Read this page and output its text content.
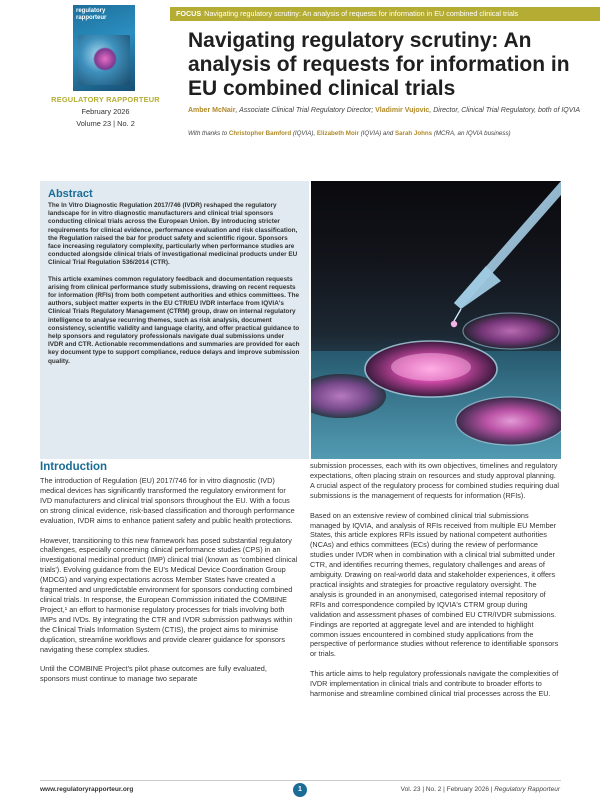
FOCUS Navigating regulatory scrutiny: An analysis of requests for information in EU combined clinical trials
regulatory rapporteur
REGULATORY RAPPORTEUR
February 2026
Volume 23 | No. 2
Navigating regulatory scrutiny: An analysis of requests for information in EU combined clinical trials
Amber McNair, Associate Clinical Trial Regulatory Director; Vladimir Vujovic, Director, Clinical Trial Regulatory, both of IQVIA
With thanks to Christopher Bamford (IQVIA), Elizabeth Moir (IQVIA) and Sarah Johns (MCRA, an IQVIA business)
Abstract

The In Vitro Diagnostic Regulation 2017/746 (IVDR) reshaped the regulatory landscape for in vitro diagnostic manufacturers and clinical trial sponsors conducting clinical trials across the European Union. By introducing stricter requirements for clinical evidence, performance evaluation and risk classification, the Regulation raised the bar for product safety and scientific rigour. Sponsors face increasing regulatory complexity, particularly when performance studies are conducted alongside clinical trials of investigational medicinal products under EU Clinical Trial Regulation 536/2014 (CTR).

This article examines common regulatory feedback and documentation requests arising from clinical performance study submissions, drawing on recent requests for information (RFIs) from both competent authorities and ethics committees. The authors, subject matter experts in the EU CTR/EU IVDR interface from IQVIA's Clinical Trials Regulatory Management (CTRM) group, draw on internal regulatory intelligence to analyse recurring themes, such as risk analysis, document consistency, scientific validity and language clarity, and offer practical guidance to help sponsors and regulatory professionals navigate dual submissions under IVDR and CTR. Actionable recommendations and summaries are provided for each key document type to support compliance, reduce delays and improve submission quality.

Introduction

The introduction of Regulation (EU) 2017/746 for in vitro diagnostic (IVD) medical devices has significantly transformed the regulatory environment for IVD manufacturers and clinical trial sponsors throughout the EU. With a focus on strong clinical evidence, risk-based classification and thorough performance evaluation, IVDR aims to enhance patient safety and public health protections.

However, transitioning to this new framework has posed substantial regulatory challenges, especially concerning clinical performance studies (CPS) in an investigational medicinal product (IMP) clinical trial (known as 'combined clinical trials'). Evolving guidance from the EU's Medical Device Coordination Group (MDCG) and varying expectations across Member States have created a fragmented and unpredictable environment for sponsors conducting combined clinical trials. In response, the European Commission initiated the COMBINE Project,¹ an effort to harmonise regulatory processes for trials involving both IMPs and IVDs. By integrating the CTR and IVDR submission pathways within the Clinical Trials Information System (CTIS), the project aims to minimise duplication, streamline workflows and provide clearer guidance for sponsors navigating these complex studies.

Until the COMBINE Project's pilot phase outcomes are fully evaluated, sponsors must continue to manage two separate

submission processes, each with its own objectives, timelines and regulatory expectations, often placing strain on resources and study approval planning. A crucial aspect of the regulatory process for combined studies requiring dual submissions is the management of requests for information (RFIs).

Based on an extensive review of combined clinical trial submissions managed by IQVIA, and analysis of RFIs received from multiple EU Member States, this article explores RFIs issued by national competent authorities (NCAs) and ethics committees (ECs) during the review of performance studies under IVDR when in combination with a clinical trial submitted under CTR, and identifies recurring themes, regulatory challenges and areas of ambiguity. Drawing on real-world data and stakeholder experiences, it offers practical insights and strategies for proactive regulatory oversight. The analysis is grounded in an anonymised, categorised internal repository of RFIs and correspondence compiled by IQVIA's CTRM group during validation and assessment phases of combined EU CTR/IVDR submissions. Findings are reported at aggregate level and are intended to highlight common issues encountered in combined study applications from the perspective of performance studies without reference to identifiable sponsors or trials.

This article aims to help regulatory professionals navigate the complexities of IVDR implementation in clinical trials and contribute to broader efforts to harmonise and streamline combined clinical trial processes across the EU.

www.regulatoryrapporteur.org	1	Vol. 23 | No. 2 | February 2026 | Regulatory Rapporteur
